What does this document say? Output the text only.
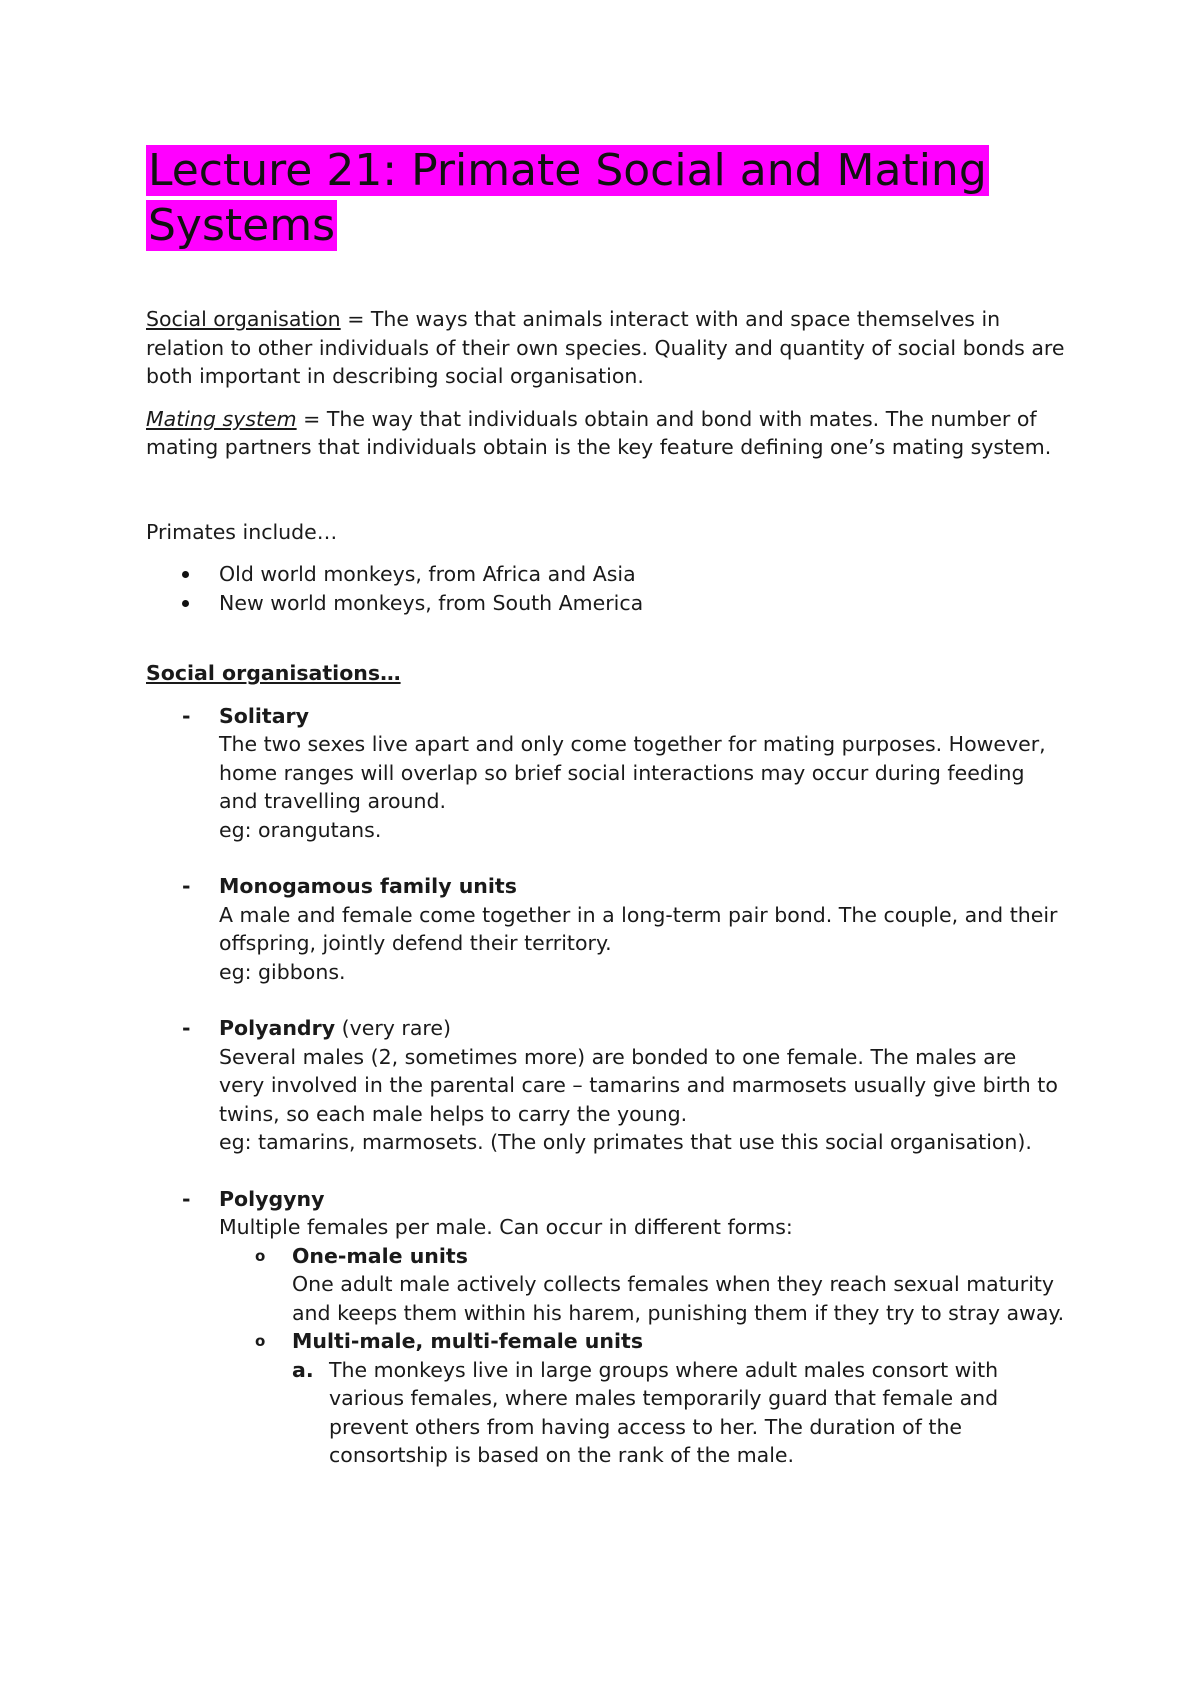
Lecture 21: Primate Social and Mating Systems

Social organisation = The ways that animals interact with and space themselves in relation to other individuals of their own species. Quality and quantity of social bonds are both important in describing social organisation.

Mating system = The way that individuals obtain and bond with mates. The number of mating partners that individuals obtain is the key feature defining one’s mating system.

Primates include…

Old world monkeys, from Africa and Asia
New world monkeys, from South America

Social organisations…

- Solitary
The two sexes live apart and only come together for mating purposes. However, home ranges will overlap so brief social interactions may occur during feeding and travelling around.
eg: orangutans.
- Monogamous family units
A male and female come together in a long-term pair bond. The couple, and their offspring, jointly defend their territory.
eg: gibbons.
- Polyandry (very rare)
Several males (2, sometimes more) are bonded to one female. The males are very involved in the parental care – tamarins and marmosets usually give birth to twins, so each male helps to carry the young.
eg: tamarins, marmosets. (The only primates that use this social organisation).
- Polygyny
Multiple females per male. Can occur in different forms:
o One-male units
One adult male actively collects females when they reach sexual maturity and keeps them within his harem, punishing them if they try to stray away.
o Multi-male, multi-female units
a. The monkeys live in large groups where adult males consort with various females, where males temporarily guard that female and prevent others from having access to her. The duration of the consortship is based on the rank of the male.
